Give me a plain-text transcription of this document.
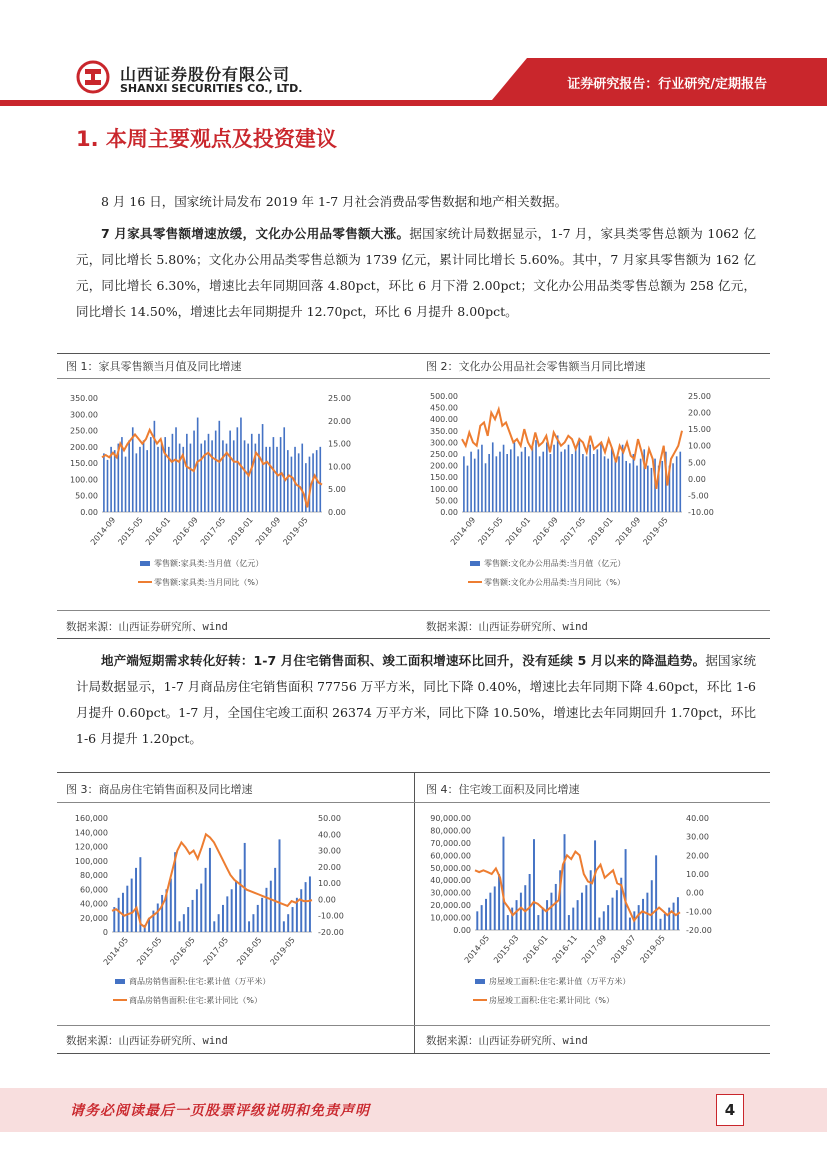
山西证券股份有限公司
SHANXI SECURITIES CO., LTD.	证券研究报告：行业研究/定期报告
1. 本周主要观点及投资建议
8 月 16 日，国家统计局发布 2019 年 1-7 月社会消费品零售数据和地产相关数据。
7 月家具零售额增速放缓，文化办公用品零售额大涨。据国家统计局数据显示，1-7 月，家具类零售总额为 1062 亿元，同比增长 5.80%；文化办公用品类零售总额为 1739 亿元，累计同比增长 5.60%。其中，7 月家具零售额为 162 亿元，同比增长 6.30%，增速比去年同期回落 4.80pct，环比 6 月下滑 2.00pct；文化办公用品类零售总额为 258 亿元，同比增长 14.50%，增速比去年同期提升 12.70pct，环比 6 月提升 8.00pct。
图 1：家具零售额当月值及同比增速	图 2：文化办公用品社会零售额当月同比增速
0.00
50.00
100.00
150.00
200.00
250.00
300.00
350.00
0.00
5.00
10.00
15.00
20.00
25.00
2014-09 2015-05 2016-01 2016-09 2017-05 2018-01 2018-09 2019-05
零售额:家具类:当月值（亿元）
零售额:家具类:当月同比（%）
0.00
50.00
100.00
150.00
200.00
250.00
300.00
350.00
400.00
450.00
500.00
-10.00
-5.00
0.00
5.00
10.00
15.00
20.00
25.00
2014-09 2015-05 2016-01 2016-09 2017-05 2018-01 2018-09 2019-05
零售额:文化办公用品类:当月值（亿元）
零售额:文化办公用品类:当月同比（%）
数据来源：山西证券研究所、wind	数据来源：山西证券研究所、wind
地产端短期需求转化好转：1-7 月住宅销售面积、竣工面积增速环比回升，没有延续 5 月以来的降温趋势。据国家统计局数据显示，1-7 月商品房住宅销售面积 77756 万平方米，同比下降 0.40%，增速比去年同期下降 4.60pct，环比 1-6 月提升 0.60pct。1-7 月，全国住宅竣工面积 26374 万平方米，同比下降 10.50%，增速比去年同期回升 1.70pct，环比 1-6 月提升 1.20pct。
图 3：商品房住宅销售面积及同比增速	图 4：住宅竣工面积及同比增速
0
20,000
40,000
60,000
80,000
100,000
120,000
140,000
160,000
-20.00
-10.00
0.00
10.00
20.00
30.00
40.00
50.00
2014-05 2015-05 2016-05 2017-05 2018-05 2019-05
商品房销售面积:住宅:累计值（万平米）
商品房销售面积:住宅:累计同比（%）
0.00
10,000.00
20,000.00
30,000.00
40,000.00
50,000.00
60,000.00
70,000.00
80,000.00
90,000.00
-20.00
-10.00
0.00
10.00
20.00
30.00
40.00
2014-05 2015-03 2016-01 2016-11 2017-09 2018-07 2019-05
房屋竣工面积:住宅:累计值（万平方米）
房屋竣工面积:住宅:累计同比（%）
数据来源：山西证券研究所、wind	数据来源：山西证券研究所、wind
请务必阅读最后一页股票评级说明和免责声明	4
